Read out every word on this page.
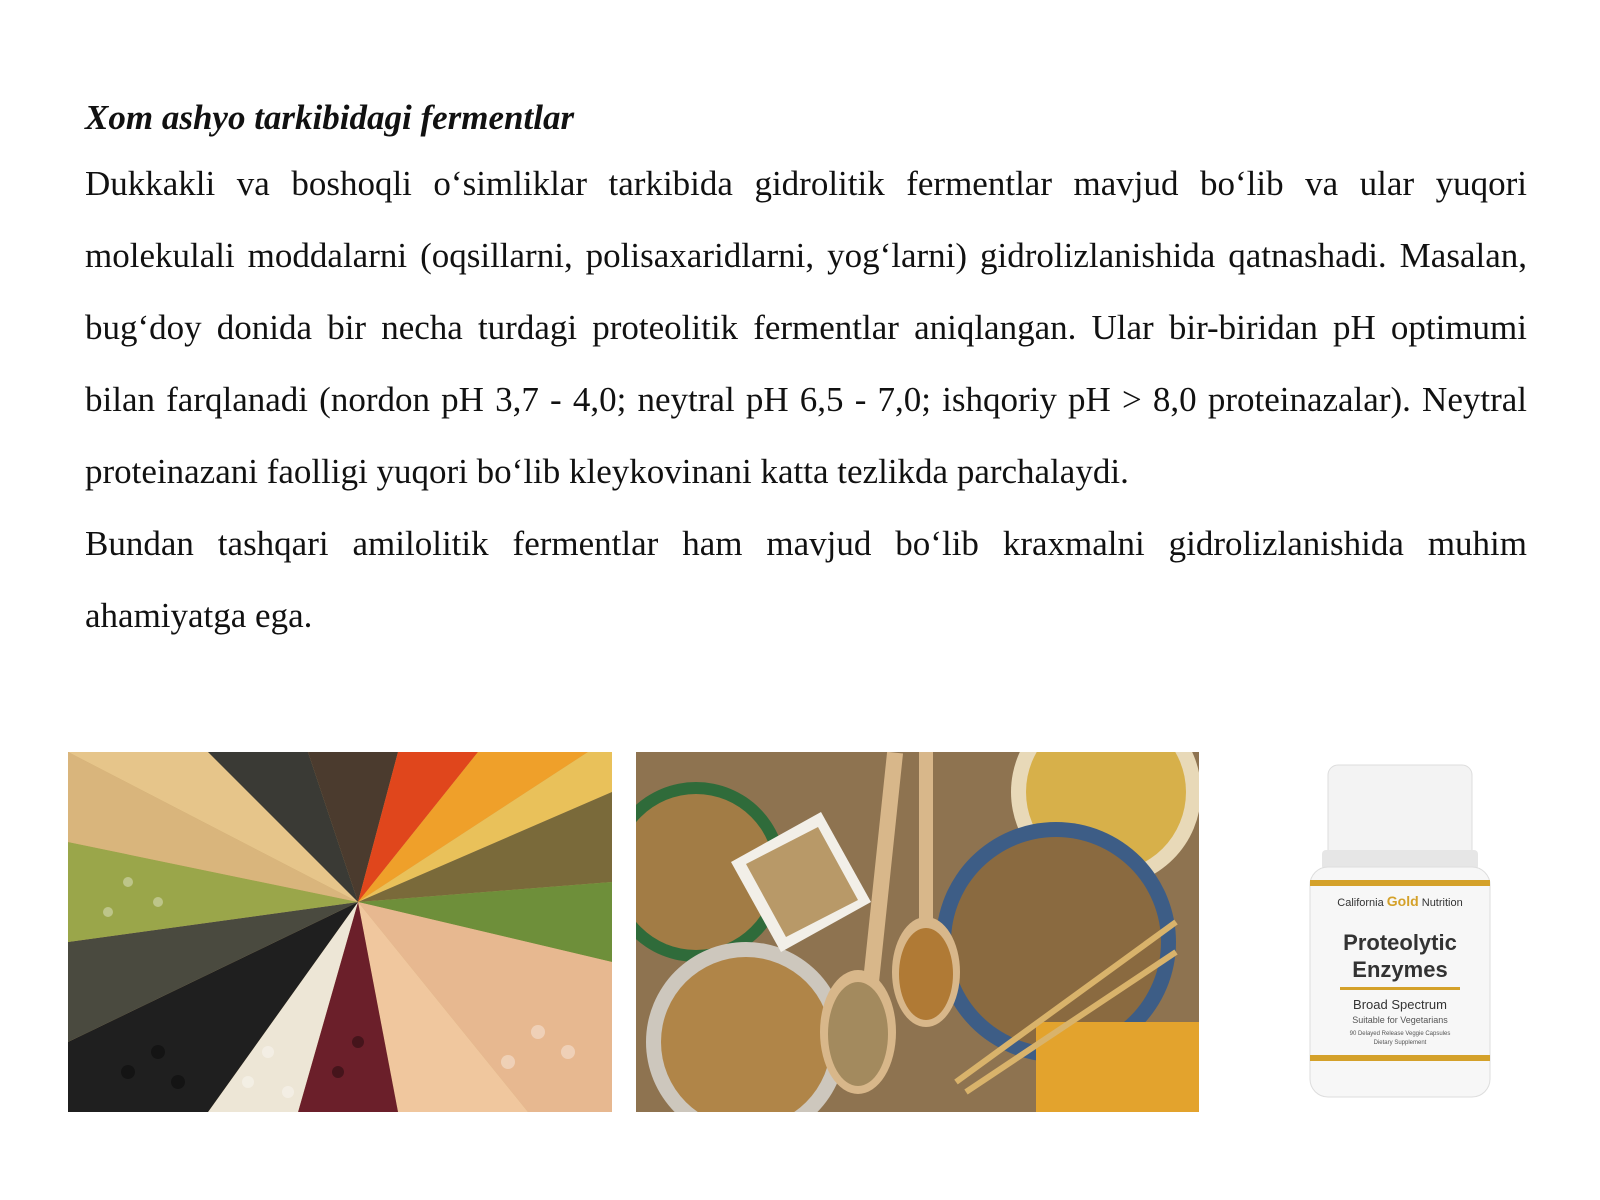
Xom ashyo tarkibidagi fermentlar

Dukkakli va boshoqli o‘simliklar tarkibida gidrolitik fermentlar mavjud bo‘lib va ular yuqori molekulali moddalarni (oqsillarni, polisaxaridlarni, yog‘larni) gidrolizlanishida qatnashadi. Masalan, bug‘doy donida bir necha turdagi proteolitik fermentlar aniqlangan. Ular bir-biridan pH optimumi bilan farqlanadi (nordon pH 3,7 - 4,0; neytral pH 6,5 - 7,0; ishqoriy pH > 8,0 proteinazalar). Neytral proteinazani faolligi yuqori bo‘lib kleykovinani katta tezlikda parchalaydi.

Bundan tashqari amilolitik fermentlar ham mavjud bo‘lib kraxmalni gidrolizlanishida muhim ahamiyatga ega.

California Gold Nutrition
Proteolytic
Enzymes
Broad Spectrum
Suitable for Vegetarians
90 Delayed Release Veggie Capsules
Dietary Supplement
